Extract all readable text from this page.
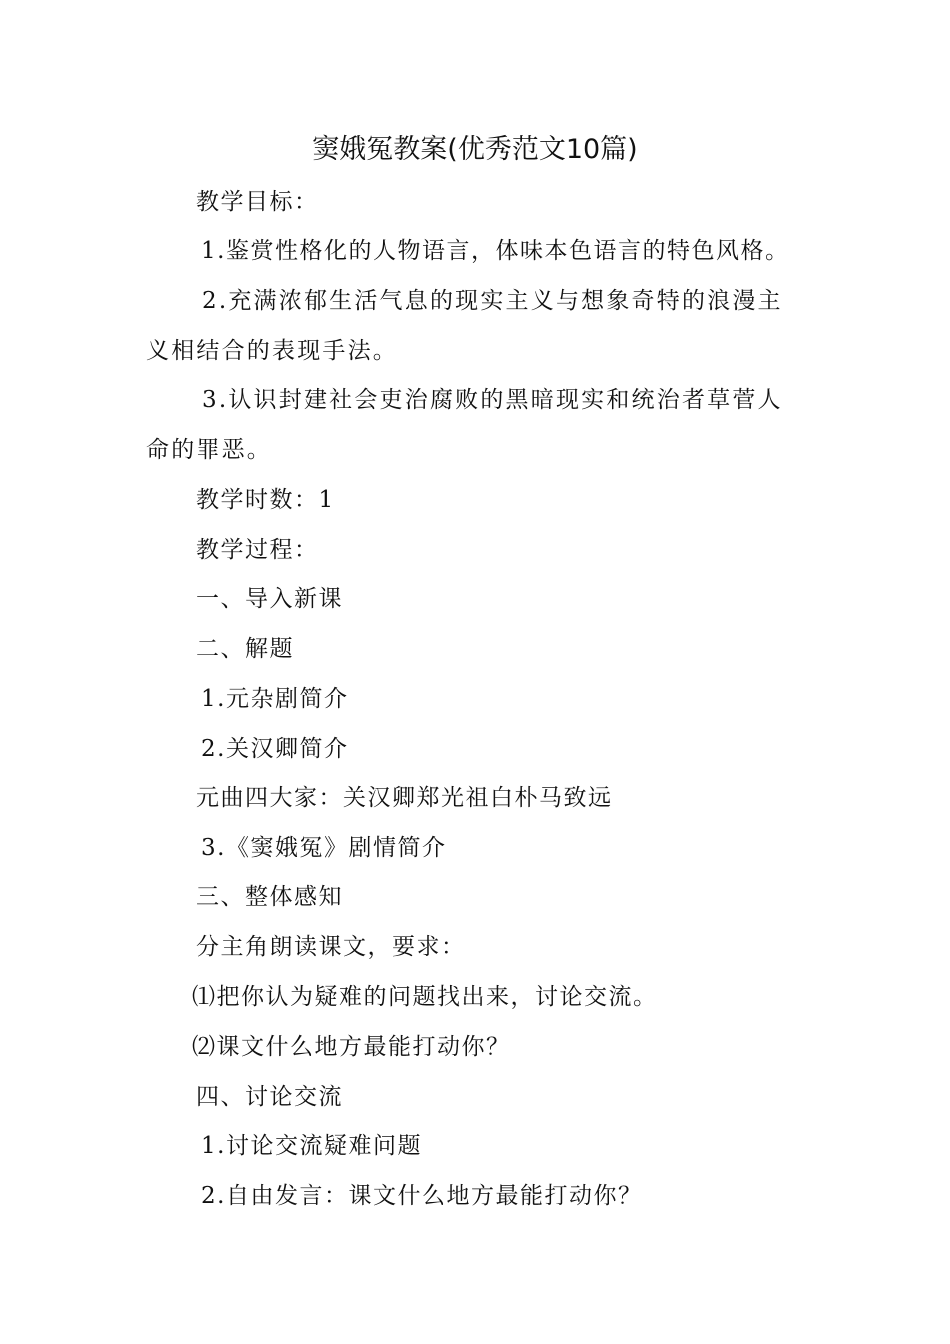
窦娥冤教案(优秀范文10篇)
教学目标：
1.鉴赏性格化的人物语言，体味本色语言的特色风格。
2.充满浓郁生活气息的现实主义与想象奇特的浪漫主义相结合的表现手法。
3.认识封建社会吏治腐败的黑暗现实和统治者草菅人命的罪恶。
教学时数：1
教学过程：
一、导入新课
二、解题
1.元杂剧简介
2.关汉卿简介
元曲四大家：关汉卿郑光祖白朴马致远
3.《窦娥冤》剧情简介
三、整体感知
分主角朗读课文，要求：
⑴把你认为疑难的问题找出来，讨论交流。
⑵课文什么地方最能打动你？
四、讨论交流
1.讨论交流疑难问题
2.自由发言：课文什么地方最能打动你？
